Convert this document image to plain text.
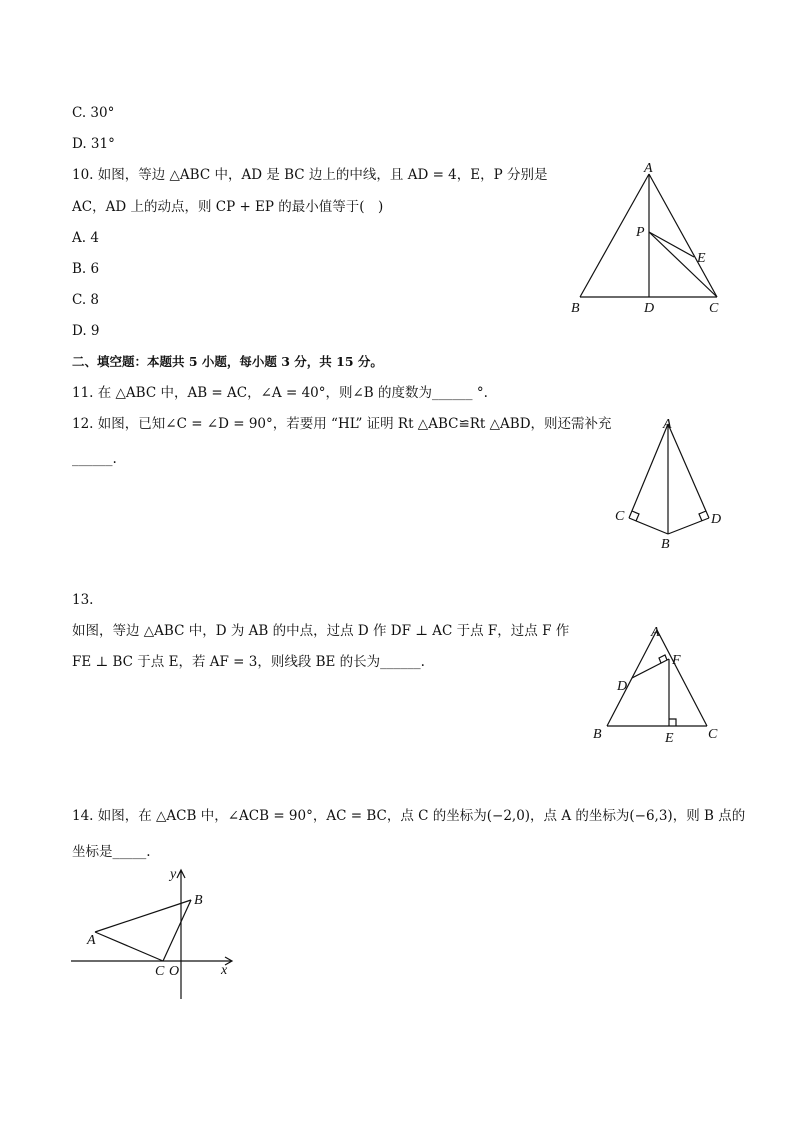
C. 30°
D. 31°
10. 如图，等边 △ABC 中，AD 是 BC 边上的中线，且 AD = 4，E，P 分别是
AC，AD 上的动点，则 CP + EP 的最小值等于(　)
A. 4
B. 6
C. 8
D. 9
A
B	C
D
E
P
二、填空题：本题共 5 小题，每小题 3 分，共 15 分。
11. 在 △ABC 中，AB = AC，∠A = 40°，则∠B 的度数为______ °.
12. 如图，已知∠C = ∠D = 90°，若要用 “HL” 证明 Rt △ABC≌Rt △ABD，则还需补充
______.
A
C	D
B
13.
如图，等边 △ABC 中，D 为 AB 的中点，过点 D 作 DF ⊥ AC 于点 F，过点 F 作
FE ⊥ BC 于点 E，若 AF = 3，则线段 BE 的长为______.
A
F
D
B	E C
14. 如图，在 △ACB 中，∠ACB = 90°，AC = BC，点 C 的坐标为(−2,0)，点 A 的坐标为(−6,3)，则 B 点的
坐标是_____.
y
x
B
A
C O
